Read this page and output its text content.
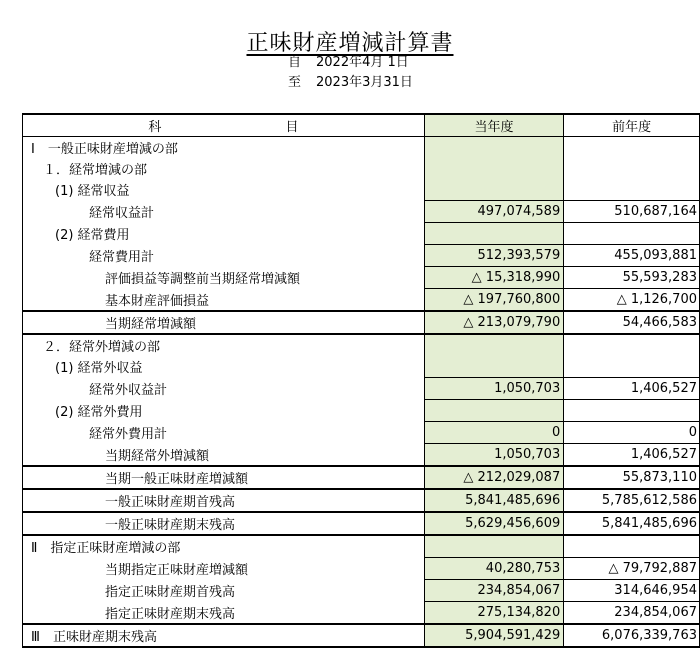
正味財産増減計算書
自 2022年4月 1日
至 2023年3月31日
科 目	当年度	前年度
Ⅰ　一般正味財産増減の部		
１．経常増減の部		
(1) 経常収益		
経常収益計	497,074,589	510,687,164
(2) 経常費用		
経常費用計	512,393,579	455,093,881
評価損益等調整前当期経常増減額	△ 15,318,990	55,593,283
基本財産評価損益	△ 197,760,800	△ 1,126,700
当期経常増減額	△ 213,079,790	54,466,583
２．経常外増減の部		
(1) 経常外収益		
経常外収益計	1,050,703	1,406,527
(2) 経常外費用		
経常外費用計	0	0
当期経常外増減額	1,050,703	1,406,527
当期一般正味財産増減額	△ 212,029,087	55,873,110
一般正味財産期首残高	5,841,485,696	5,785,612,586
一般正味財産期末残高	5,629,456,609	5,841,485,696
Ⅱ　指定正味財産増減の部		
当期指定正味財産増減額	40,280,753	△ 79,792,887
指定正味財産期首残高	234,854,067	314,646,954
指定正味財産期末残高	275,134,820	234,854,067
Ⅲ　正味財産期末残高	5,904,591,429	6,076,339,763
